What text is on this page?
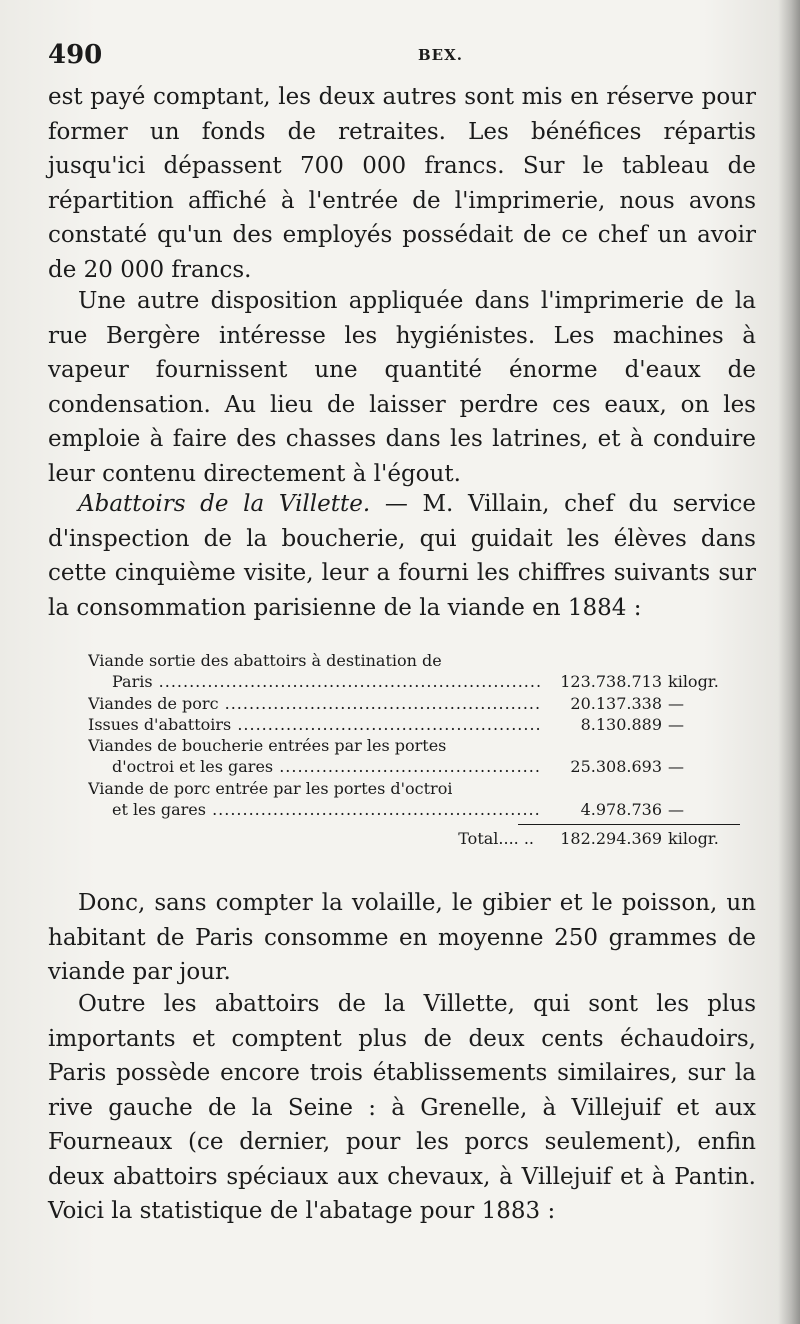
490	BEX.

est payé comptant, les deux autres sont mis en réserve pour former un fonds de retraites. Les bénéfices répartis jusqu'ici dépassent 700 000 francs. Sur le tableau de répartition affiché à l'entrée de l'imprimerie, nous avons constaté qu'un des employés possédait de ce chef un avoir de 20 000 francs.

Une autre disposition appliquée dans l'imprimerie de la rue Bergère intéresse les hygiénistes. Les machines à vapeur fournissent une quantité énorme d'eaux de condensation. Au lieu de laisser perdre ces eaux, on les emploie à faire des chasses dans les latrines, et à conduire leur contenu directement à l'égout.

Abattoirs de la Villette. — M. Villain, chef du service d'inspection de la boucherie, qui guidait les élèves dans cette cinquième visite, leur a fourni les chiffres suivants sur la consommation parisienne de la viande en 1884 :

Viande sortie des abattoirs à destination de
Paris .....	123.738.713 kilogr.
Viandes de porc .....	20.137.338 —
Issues d'abattoirs .....	8.130.889 —
Viandes de boucherie entrées par les portes
d'octroi et les gares .....	25.308.693 —
Viande de porc entrée par les portes d'octroi
et les gares .....	4.978.736 —
Total.... ..	182.294.369 kilogr.

Donc, sans compter la volaille, le gibier et le poisson, un habitant de Paris consomme en moyenne 250 grammes de viande par jour.

Outre les abattoirs de la Villette, qui sont les plus importants et comptent plus de deux cents échaudoirs, Paris possède encore trois établissements similaires, sur la rive gauche de la Seine : à Grenelle, à Villejuif et aux Fourneaux (ce dernier, pour les porcs seulement), enfin deux abattoirs spéciaux aux chevaux, à Villejuif et à Pantin. Voici la statistique de l'abatage pour 1883 :
